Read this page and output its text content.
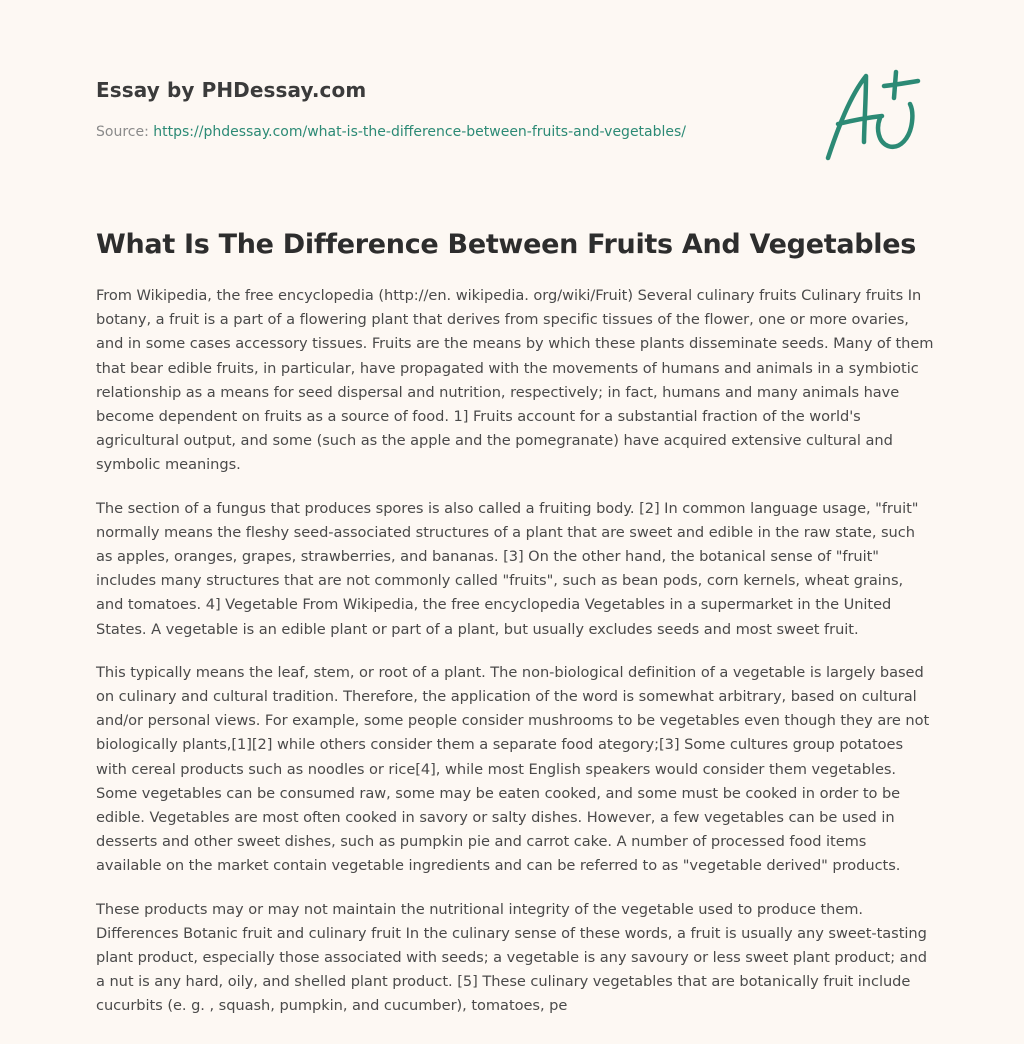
Essay by PHDessay.com
Source: https://phdessay.com/what-is-the-difference-between-fruits-and-vegetables/
What Is The Difference Between Fruits And Vegetables

From Wikipedia, the free encyclopedia (http://en. wikipedia. org/wiki/Fruit) Several culinary fruits Culinary fruits In botany, a fruit is a part of a flowering plant that derives from specific tissues of the flower, one or more ovaries, and in some cases accessory tissues. Fruits are the means by which these plants disseminate seeds. Many of them that bear edible fruits, in particular, have propagated with the movements of humans and animals in a symbiotic relationship as a means for seed dispersal and nutrition, respectively; in fact, humans and many animals have become dependent on fruits as a source of food. 1] Fruits account for a substantial fraction of the world's agricultural output, and some (such as the apple and the pomegranate) have acquired extensive cultural and symbolic meanings.

The section of a fungus that produces spores is also called a fruiting body. [2] In common language usage, "fruit" normally means the fleshy seed-associated structures of a plant that are sweet and edible in the raw state, such as apples, oranges, grapes, strawberries, and bananas. [3] On the other hand, the botanical sense of "fruit" includes many structures that are not commonly called "fruits", such as bean pods, corn kernels, wheat grains, and tomatoes. 4] Vegetable From Wikipedia, the free encyclopedia Vegetables in a supermarket in the United States. A vegetable is an edible plant or part of a plant, but usually excludes seeds and most sweet fruit.

This typically means the leaf, stem, or root of a plant. The non-biological definition of a vegetable is largely based on culinary and cultural tradition. Therefore, the application of the word is somewhat arbitrary, based on cultural and/or personal views. For example, some people consider mushrooms to be vegetables even though they are not biologically plants,[1][2] while others consider them a separate food ategory;[3] Some cultures group potatoes with cereal products such as noodles or rice[4], while most English speakers would consider them vegetables. Some vegetables can be consumed raw, some may be eaten cooked, and some must be cooked in order to be edible. Vegetables are most often cooked in savory or salty dishes. However, a few vegetables can be used in desserts and other sweet dishes, such as pumpkin pie and carrot cake. A number of processed food items available on the market contain vegetable ingredients and can be referred to as "vegetable derived" products.

These products may or may not maintain the nutritional integrity of the vegetable used to produce them. Differences Botanic fruit and culinary fruit In the culinary sense of these words, a fruit is usually any sweet-tasting plant product, especially those associated with seeds; a vegetable is any savoury or less sweet plant product; and a nut is any hard, oily, and shelled plant product. [5] These culinary vegetables that are botanically fruit include cucurbits (e. g. , squash, pumpkin, and cucumber), tomatoes, pe
